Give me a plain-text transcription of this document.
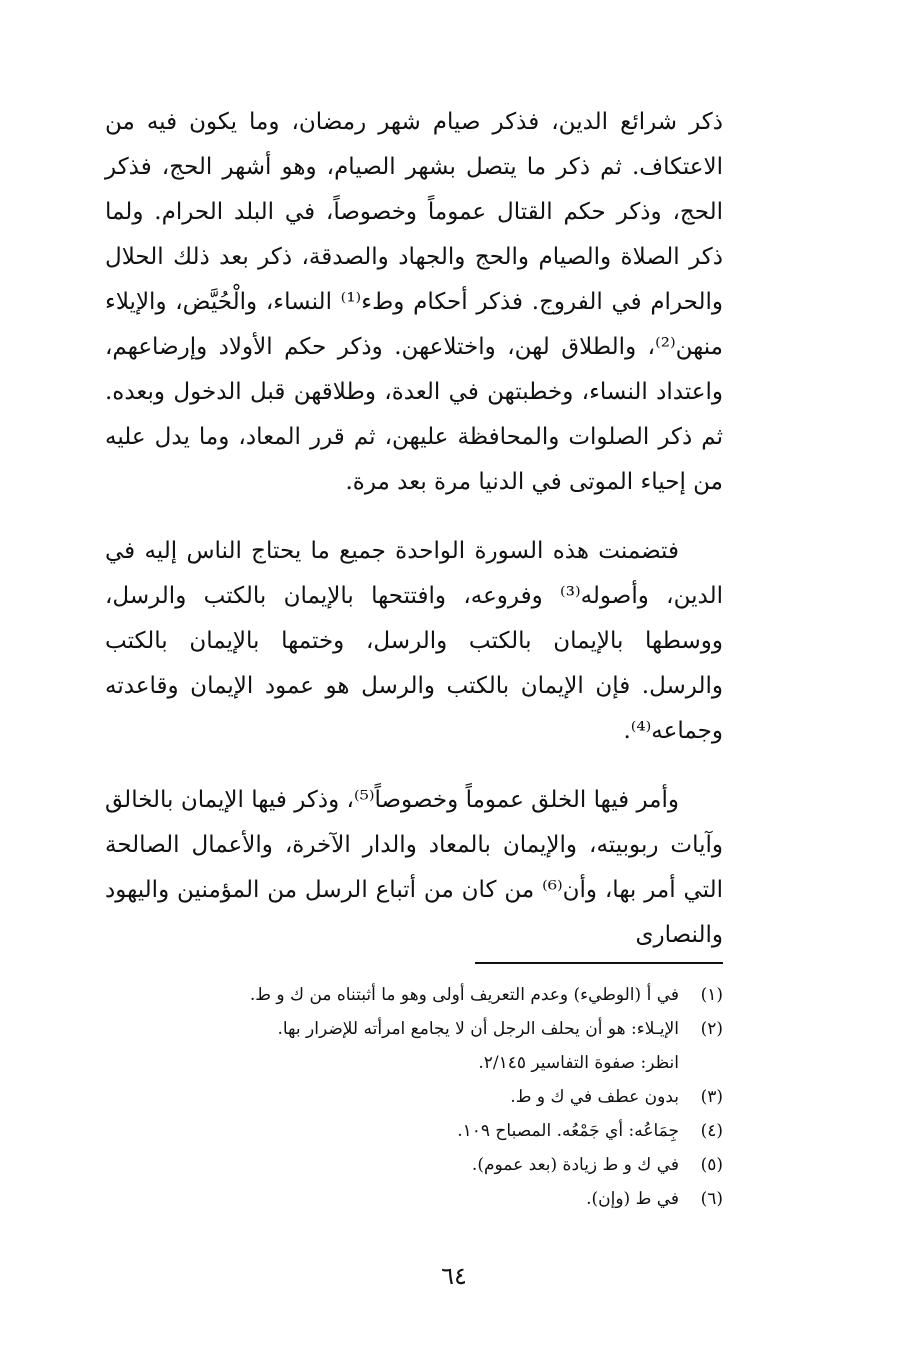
ذكر شرائع الدين، فذكر صيام شهر رمضان، وما يكون فيه من الاعتكاف. ثم ذكر ما يتصل بشهر الصيام، وهو أشهر الحج، فذكر الحج، وذكر حكم القتال عموماً وخصوصاً، في البلد الحرام. ولما ذكر الصلاة والصيام والحج والجهاد والصدقة، ذكر بعد ذلك الحلال والحرام في الفروج. فذكر أحكام وطء⁽¹⁾ النساء، والْحُيَّض، والإيلاء منهن⁽²⁾، والطلاق لهن، واختلاعهن. وذكر حكم الأولاد وإرضاعهم، واعتداد النساء، وخطبتهن في العدة، وطلاقهن قبل الدخول وبعده. ثم ذكر الصلوات والمحافظة عليهن، ثم قرر المعاد، وما يدل عليه من إحياء الموتى في الدنيا مرة بعد مرة.

فتضمنت هذه السورة الواحدة جميع ما يحتاج الناس إليه في الدين، وأصوله⁽³⁾ وفروعه، وافتتحها بالإيمان بالكتب والرسل، ووسطها بالإيمان بالكتب والرسل، وختمها بالإيمان بالكتب والرسل. فإن الإيمان بالكتب والرسل هو عمود الإيمان وقاعدته وجماعه⁽⁴⁾.

وأمر فيها الخلق عموماً وخصوصاً⁽⁵⁾، وذكر فيها الإيمان بالخالق وآيات ربوبيته، والإيمان بالمعاد والدار الآخرة، والأعمال الصالحة التي أمر بها، وأن⁽⁶⁾ من كان من أتباع الرسل من المؤمنين واليهود والنصارى

(١)
في أ (الوطيء) وعدم التعريف أولى وهو ما أثبتناه من ك و ط.
(٢)
الإيـلاء: هو أن يحلف الرجل أن لا يجامع امرأته للإضرار بها.
انظر: صفوة التفاسير ٢/١٤٥.
(٣)
بدون عطف في ك و ط.
(٤)
جِمَاعُه: أي جَمْعُه. المصباح ١٠٩.
(٥)
في ك و ط زيادة (بعد عموم).
(٦)
في ط (وإن).
٦٤
